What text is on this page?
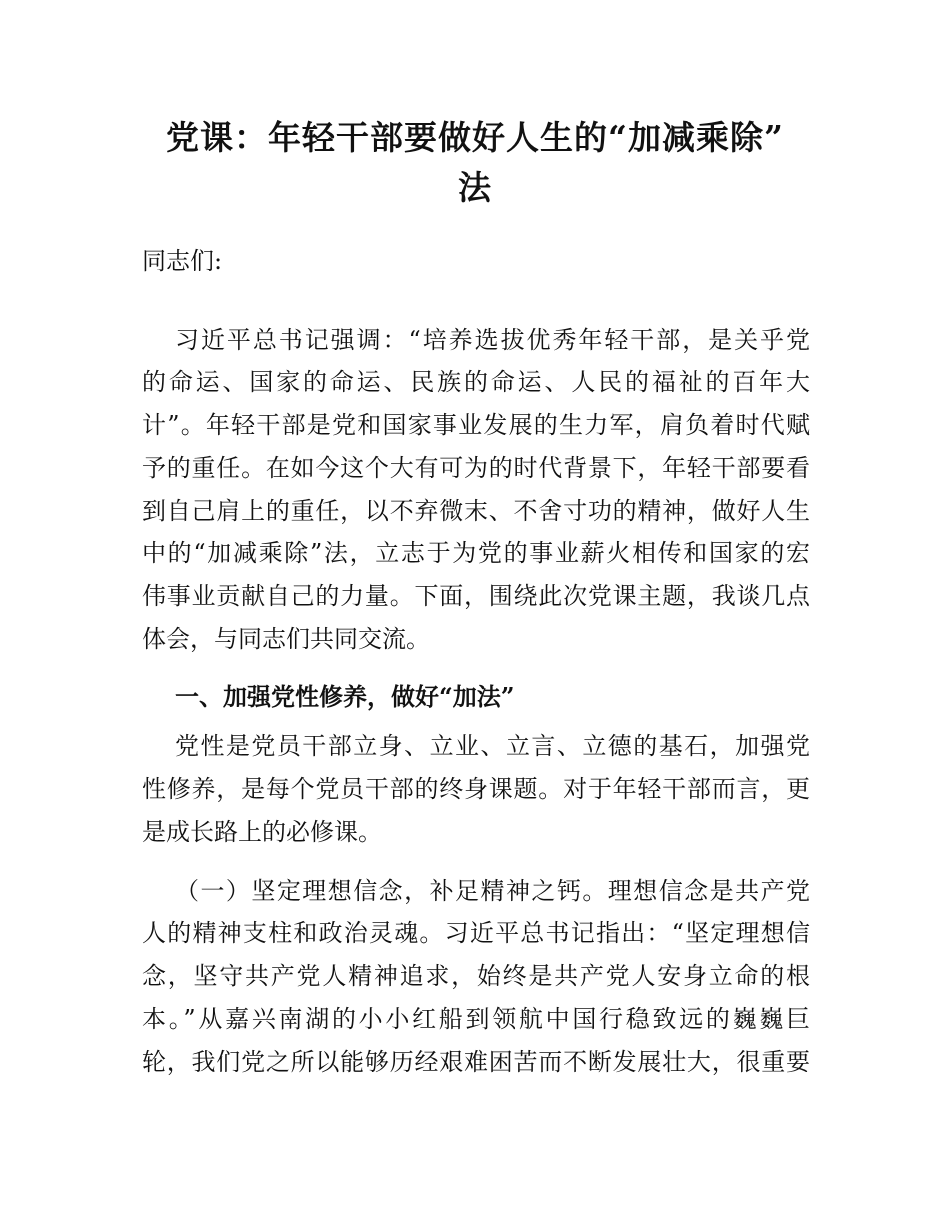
党课：年轻干部要做好人生的“加减乘除”
法
同志们:
习近平总书记强调：“培养选拔优秀年轻干部，是关乎党
的命运、国家的命运、民族的命运、人民的福祉的百年大
计”。年轻干部是党和国家事业发展的生力军，肩负着时代赋
予的重任。在如今这个大有可为的时代背景下，年轻干部要看
到自己肩上的重任，以不弃微末、不舍寸功的精神，做好人生
中的“加减乘除”法，立志于为党的事业薪火相传和国家的宏
伟事业贡献自己的力量。下面，围绕此次党课主题，我谈几点
体会，与同志们共同交流。
一、加强党性修养，做好“加法”
党性是党员干部立身、立业、立言、立德的基石，加强党
性修养，是每个党员干部的终身课题。对于年轻干部而言，更
是成长路上的必修课。
（一）坚定理想信念，补足精神之钙。理想信念是共产党
人的精神支柱和政治灵魂。习近平总书记指出：“坚定理想信
念，坚守共产党人精神追求，始终是共产党人安身立命的根
本。”从嘉兴南湖的小小红船到领航中国行稳致远的巍巍巨
轮，我们党之所以能够历经艰难困苦而不断发展壮大，很重要
